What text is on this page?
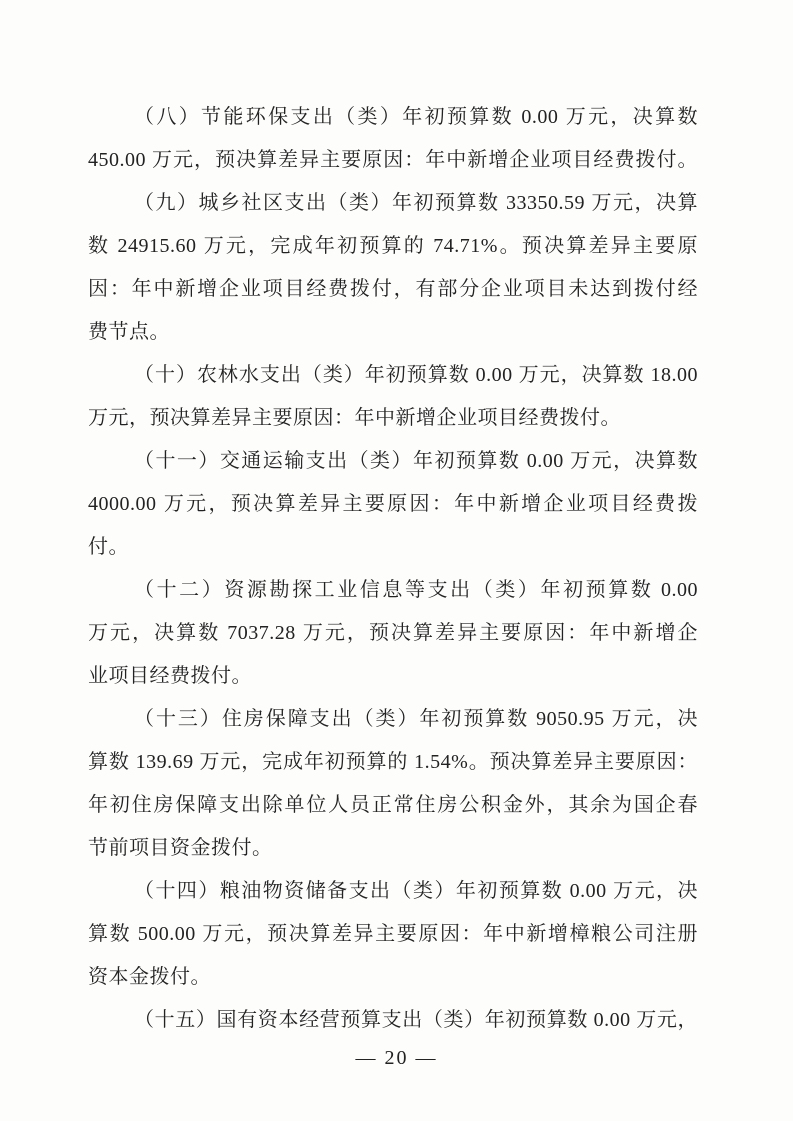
（八）节能环保支出（类）年初预算数 0.00 万元，决算数
450.00 万元，预决算差异主要原因：年中新增企业项目经费拨付。
（九）城乡社区支出（类）年初预算数 33350.59 万元，决算
数 24915.60 万元，完成年初预算的 74.71%。预决算差异主要原
因：年中新增企业项目经费拨付，有部分企业项目未达到拨付经
费节点。
（十）农林水支出（类）年初预算数 0.00 万元，决算数 18.00
万元，预决算差异主要原因：年中新增企业项目经费拨付。
（十一）交通运输支出（类）年初预算数 0.00 万元，决算数
4000.00 万元，预决算差异主要原因：年中新增企业项目经费拨
付。
（十二）资源勘探工业信息等支出（类）年初预算数 0.00
万元，决算数 7037.28 万元，预决算差异主要原因：年中新增企
业项目经费拨付。
（十三）住房保障支出（类）年初预算数 9050.95 万元，决
算数 139.69 万元，完成年初预算的 1.54%。预决算差异主要原因：
年初住房保障支出除单位人员正常住房公积金外，其余为国企春
节前项目资金拨付。
（十四）粮油物资储备支出（类）年初预算数 0.00 万元，决
算数 500.00 万元，预决算差异主要原因：年中新增樟粮公司注册
资本金拨付。
（十五）国有资本经营预算支出（类）年初预算数 0.00 万元，
— 20 —
